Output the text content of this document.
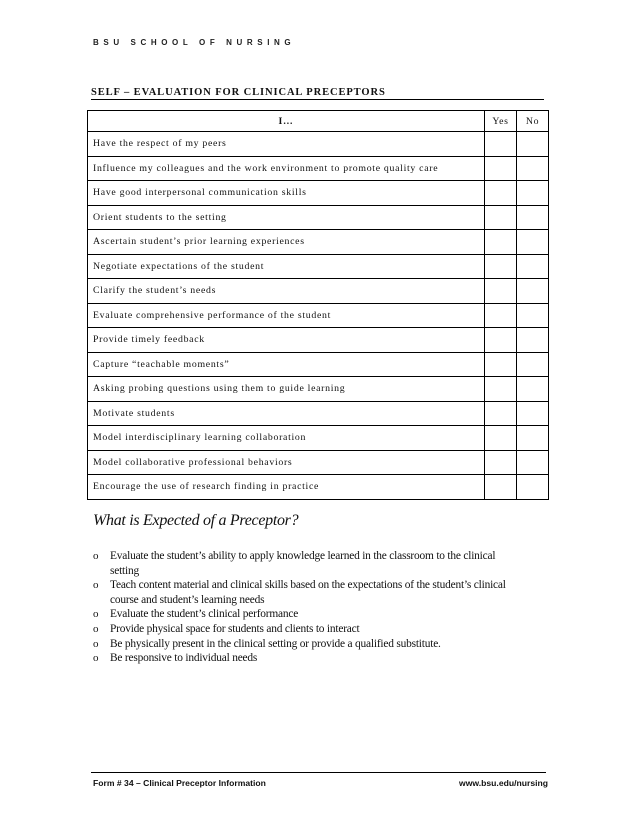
BSU SCHOOL OF NURSING
SELF – EVALUATION FOR CLINICAL PRECEPTORS
I…	Yes	No
Have the respect of my peers		
Influence my colleagues and the work environment to promote quality care		
Have good interpersonal communication skills		
Orient students to the setting		
Ascertain student’s prior learning experiences		
Negotiate expectations of the student		
Clarify the student’s needs		
Evaluate comprehensive performance of the student		
Provide timely feedback		
Capture “teachable moments”		
Asking probing questions using them to guide learning		
Motivate students		
Model interdisciplinary learning collaboration		
Model collaborative professional behaviors		
Encourage the use of research finding in practice		
What is Expected of a Preceptor?
o Evaluate the student’s ability to apply knowledge learned in the classroom to the clinical setting
o Teach content material and clinical skills based on the expectations of the student’s clinical course and student’s learning needs
o Evaluate the student’s clinical performance
o Provide physical space for students and clients to interact
o Be physically present in the clinical setting or provide a qualified substitute.
o Be responsive to individual needs
Form # 34 – Clinical Preceptor Information	www.bsu.edu/nursing
